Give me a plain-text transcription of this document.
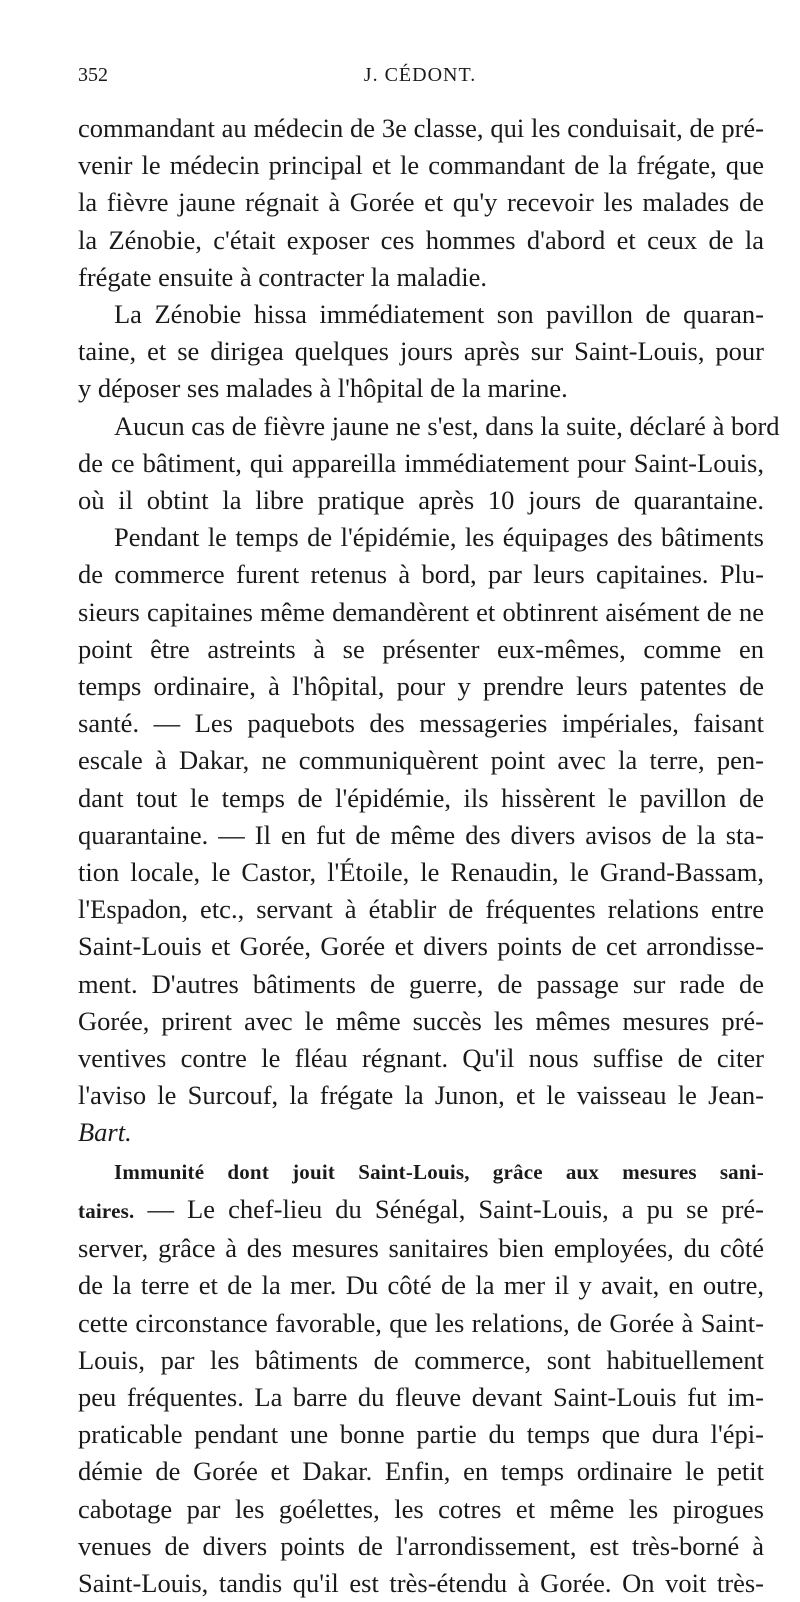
352	J. CÉDONT.

commandant au médecin de 3e classe, qui les conduisait, de pré-
venir le médecin principal et le commandant de la frégate, que
la fièvre jaune régnait à Gorée et qu'y recevoir les malades de
la Zénobie, c'était exposer ces hommes d'abord et ceux de la
frégate ensuite à contracter la maladie.

La Zénobie hissa immédiatement son pavillon de quaran-
taine, et se dirigea quelques jours après sur Saint-Louis, pour
y déposer ses malades à l'hôpital de la marine.

Aucun cas de fièvre jaune ne s'est, dans la suite, déclaré à bord
de ce bâtiment, qui appareilla immédiatement pour Saint-Louis,
où il obtint la libre pratique après 10 jours de quarantaine.

Pendant le temps de l'épidémie, les équipages des bâtiments
de commerce furent retenus à bord, par leurs capitaines. Plu-
sieurs capitaines même demandèrent et obtinrent aisément de ne
point être astreints à se présenter eux-mêmes, comme en
temps ordinaire, à l'hôpital, pour y prendre leurs patentes de
santé. — Les paquebots des messageries impériales, faisant
escale à Dakar, ne communiquèrent point avec la terre, pen-
dant tout le temps de l'épidémie, ils hissèrent le pavillon de
quarantaine. — Il en fut de même des divers avisos de la sta-
tion locale, le Castor, l'Étoile, le Renaudin, le Grand-Bassam,
l'Espadon, etc., servant à établir de fréquentes relations entre
Saint-Louis et Gorée, Gorée et divers points de cet arrondisse-
ment. D'autres bâtiments de guerre, de passage sur rade de
Gorée, prirent avec le même succès les mêmes mesures pré-
ventives contre le fléau régnant. Qu'il nous suffise de citer
l'aviso le Surcouf, la frégate la Junon, et le vaisseau le Jean-
Bart.

Immunité dont jouit Saint-Louis, grâce aux mesures sani-
taires. — Le chef-lieu du Sénégal, Saint-Louis, a pu se pré-
server, grâce à des mesures sanitaires bien employées, du côté
de la terre et de la mer. Du côté de la mer il y avait, en outre,
cette circonstance favorable, que les relations, de Gorée à Saint-
Louis, par les bâtiments de commerce, sont habituellement
peu fréquentes. La barre du fleuve devant Saint-Louis fut im-
praticable pendant une bonne partie du temps que dura l'épi-
démie de Gorée et Dakar. Enfin, en temps ordinaire le petit
cabotage par les goélettes, les cotres et même les pirogues
venues de divers points de l'arrondissement, est très-borné à
Saint-Louis, tandis qu'il est très-étendu à Gorée. On voit très-
